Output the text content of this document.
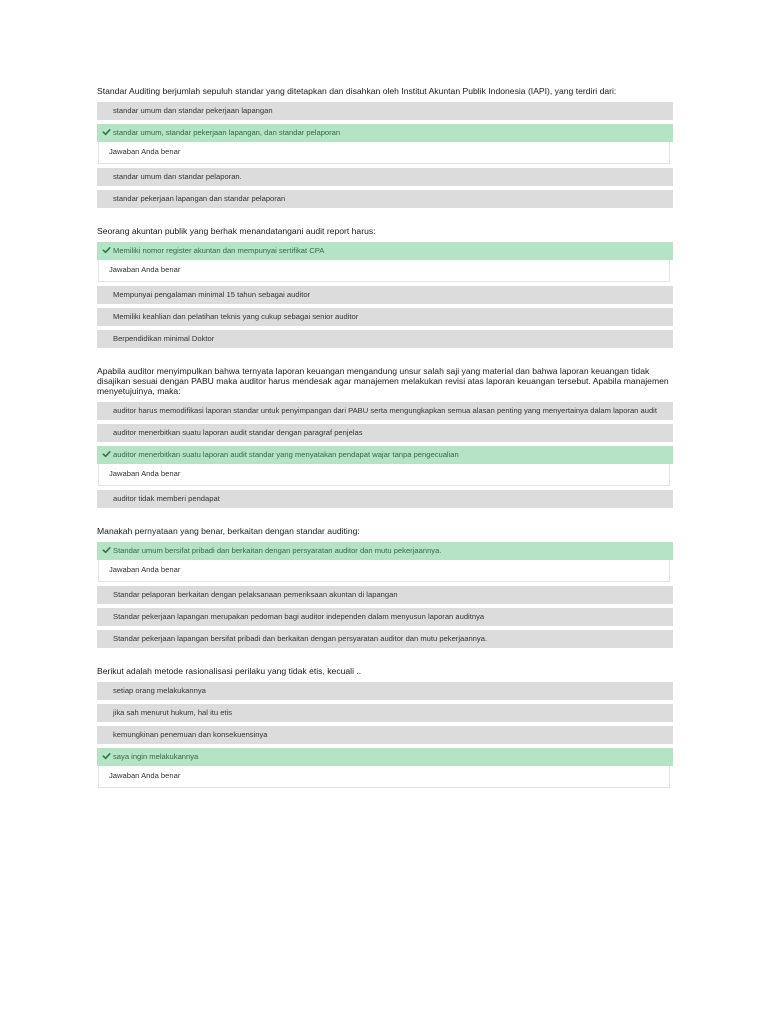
Standar Auditing berjumlah sepuluh standar yang ditetapkan dan disahkan oleh Institut Akuntan Publik Indonesia (IAPI), yang terdiri dari:

standar umum dan standar pekerjaan lapangan
standar umum, standar pekerjaan lapangan, dan standar pelaporan
Jawaban Anda benar
standar umum dan standar pelaporan.
standar pekerjaan lapangan dan standar pelaporan

Seorang akuntan publik yang berhak menandatangani audit report harus:

Memiliki nomor register akuntan dan mempunyai sertifikat CPA
Jawaban Anda benar
Mempunyai pengalaman minimal 15 tahun sebagai auditor
Memiliki keahlian dan pelatihan teknis yang cukup sebagai senior auditor
Berpendidikan minimal Doktor

Apabila auditor menyimpulkan bahwa ternyata laporan keuangan mengandung unsur salah saji yang material dan bahwa laporan keuangan tidak disajikan sesuai dengan PABU maka auditor harus mendesak agar manajemen melakukan revisi atas laporan keuangan tersebut. Apabila manajemen menyetujuinya, maka:

auditor harus memodifikasi laporan standar untuk penyimpangan dari PABU serta mengungkapkan semua alasan penting yang menyertainya dalam laporan audit
auditor menerbitkan suatu laporan audit standar dengan paragraf penjelas
auditor menerbitkan suatu laporan audit standar yang menyatakan pendapat wajar tanpa pengecualian
Jawaban Anda benar
auditor tidak memberi pendapat

Manakah pernyataan yang benar, berkaitan dengan standar auditing:

Standar umum bersifat pribadi dan berkaitan dengan persyaratan auditor dan mutu pekerjaannya.
Jawaban Anda benar
Standar pelaporan berkaitan dengan pelaksanaan pemeriksaan akuntan di lapangan
Standar pekerjaan lapangan merupakan pedoman bagi auditor independen dalam menyusun laporan auditnya
Standar pekerjaan lapangan bersifat pribadi dan berkaitan dengan persyaratan auditor dan mutu pekerjaannya.

Berikut adalah metode rasionalisasi perilaku yang tidak etis, kecuali ..

setiap orang melakukannya
jika sah menurut hukum, hal itu etis
kemungkinan penemuan dan konsekuensinya
saya ingin melakukannya
Jawaban Anda benar
